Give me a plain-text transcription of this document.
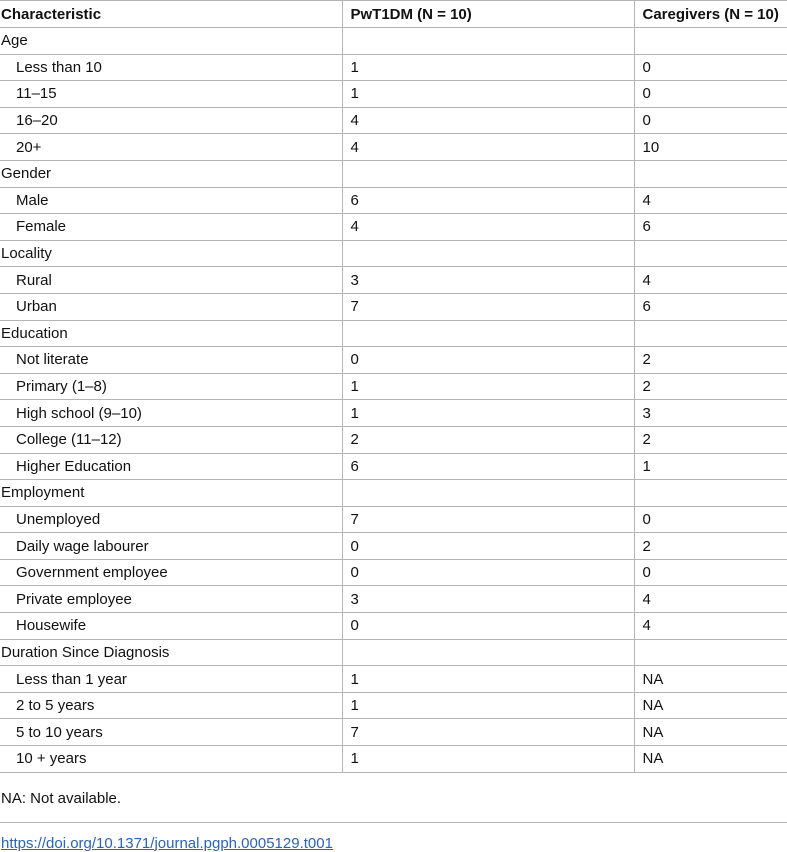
Characteristic	PwT1DM (N = 10)	Caregivers (N = 10)
Age		
Less than 10	1	0
11–15	1	0
16–20	4	0
20+	4	10
Gender		
Male	6	4
Female	4	6
Locality		
Rural	3	4
Urban	7	6
Education		
Not literate	0	2
Primary (1–8)	1	2
High school (9–10)	1	3
College (11–12)	2	2
Higher Education	6	1
Employment		
Unemployed	7	0
Daily wage labourer	0	2
Government employee	0	0
Private employee	3	4
Housewife	0	4
Duration Since Diagnosis		
Less than 1 year	1	NA
2 to 5 years	1	NA
5 to 10 years	7	NA
10 + years	1	NA
NA: Not available.
https://doi.org/10.1371/journal.pgph.0005129.t001
